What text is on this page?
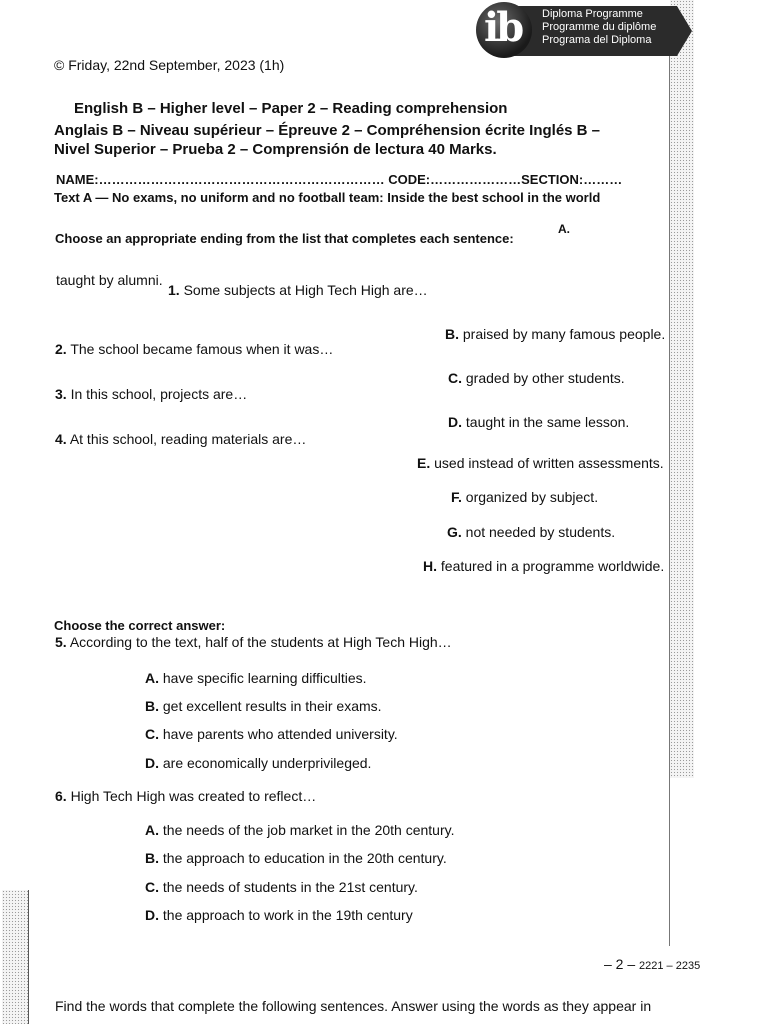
ib Diploma Programme
Programme du diplôme
Programa del Diploma
© Friday, 22nd September, 2023 (1h)
English B – Higher level – Paper 2 – Reading comprehension
Anglais B – Niveau supérieur – Épreuve 2 – Compréhension écrite Inglés B –
Nivel Superior – Prueba 2 – Comprensión de lectura 40 Marks.
NAME:………………………………………………………… CODE:…………………SECTION:………
Text A — No exams, no uniform and no football team: Inside the best school in the world
Choose an appropriate ending from the list that completes each sentence:
A.
taught by alumni.
1. Some subjects at High Tech High are…
2. The school became famous when it was…
3. In this school, projects are…
4. At this school, reading materials are…
B. praised by many famous people.
C. graded by other students.
D. taught in the same lesson.
E. used instead of written assessments.
F. organized by subject.
G. not needed by students.
H. featured in a programme worldwide.
Choose the correct answer:
5. According to the text, half of the students at High Tech High…
A. have specific learning difficulties.
B. get excellent results in their exams.
C. have parents who attended university.
D. are economically underprivileged.
6. High Tech High was created to reflect…
A. the needs of the job market in the 20th century.
B. the approach to education in the 20th century.
C. the needs of students in the 21st century.
D. the approach to work in the 19th century
– 2 – 2221 – 2235
Find the words that complete the following sentences. Answer using the words as they appear in
